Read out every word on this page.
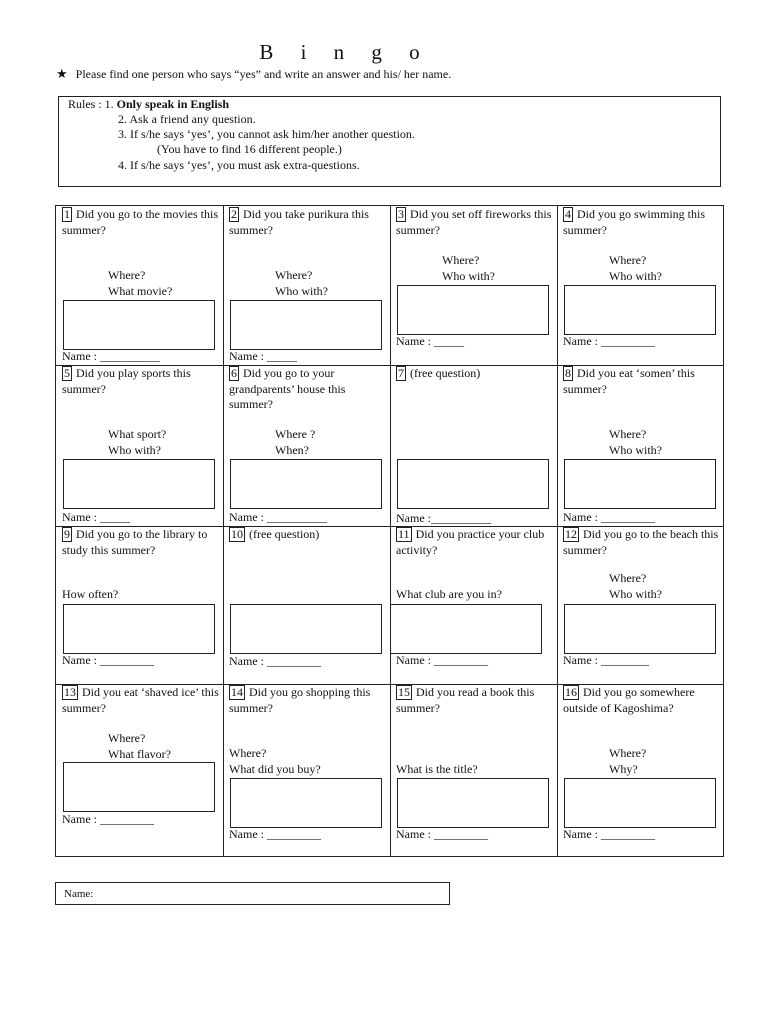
B i n g o
★ Please find one person who says “yes” and write an answer and his/ her name.
Rules : 1. Only speak in English
2. Ask a friend any question.
3. If s/he says ‘yes’, you cannot ask him/her another question.
(You have to find 16 different people.)
4. If s/he says ‘yes’, you must ask extra-questions.
1 Did you go to the movies this summer?
Where?
What movie?
Name : __________
2 Did you take purikura this summer?
Where?
Who with?
Name : _____
3 Did you set off fireworks this summer?
Where?
Who with?
Name : _____
4 Did you go swimming this summer?
Where?
Who with?
Name : _________
5 Did you play sports this summer?
What sport?
Who with?
Name : _____
6 Did you go to your grandparents’ house this summer?
Where ?
When?
Name : __________
7 (free question)
Name :__________
8 Did you eat ‘somen’ this summer?
Where?
Who with?
Name : _________
9 Did you go to the library to study this summer?
How often?
Name : _________
10 (free question)
Name : _________
11 Did you practice your club activity?
What club are you in?
Name : _________
12 Did you go to the beach this summer?
Where?
Who with?
Name : ________
13 Did you eat ‘shaved ice’ this summer?
Where?
What flavor?
Name : _________
14 Did you go shopping this summer?
Where?
What did you buy?
Name : _________
15 Did you read a book this summer?
What is the title?
Name : _________
16 Did you go somewhere outside of Kagoshima?
Where?
Why?
Name : _________
Name:
